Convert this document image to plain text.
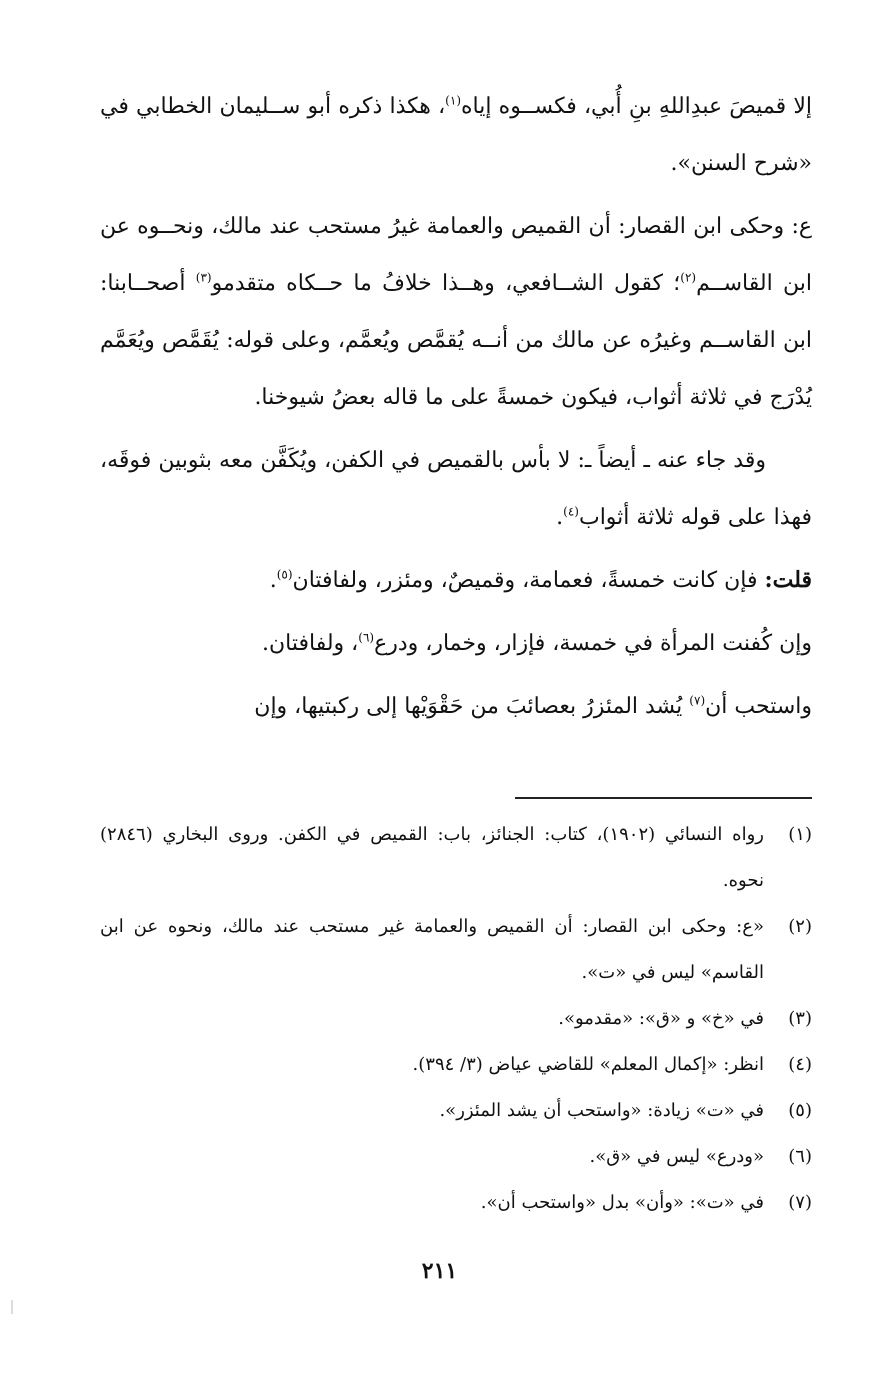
إلا قميصَ عبدِاللهِ بنِ أُبي، فكســوه إياه$^{(١)}$، هكذا ذكره أبو ســليمان الخطابي في «شرح السنن».

ع: وحكى ابن القصار: أن القميص والعمامة غيرُ مستحب عند مالك، ونحــوه عن ابن القاســم$^{(٢)}$؛ كقول الشــافعي، وهــذا خلافُ ما حــكاه متقدمو$^{(٣)}$ أصحــابنا: ابن القاســم وغيرُه عن مالك من أنــه يُقمَّص ويُعمَّم، وعلى قوله: يُقَمَّص ويُعَمَّم يُدْرَج في ثلاثة أثواب، فيكون خمسةً على ما قاله بعضُ شيوخنا.

وقد جاء عنه ـ أيضاً ـ: لا بأس بالقميص في الكفن، ويُكَفَّن معه بثوبين فوقَه، فهذا على قوله ثلاثة أثواب$^{(٤)}$.

قلت: فإن كانت خمسةً، فعمامة، وقميصٌ، ومئزر، ولفافتان$^{(٥)}$.

وإن كُفنت المرأة في خمسة، فإزار، وخمار، ودرع$^{(٦)}$، ولفافتان.

واستحب أن$^{(٧)}$ يُشد المئزرُ بعصائبَ من حَقْوَيْها إلى ركبتيها، وإن

(١)
رواه النسائي (١٩٠٢)، كتاب: الجنائز، باب: القميص في الكفن. وروى البخاري (٢٨٤٦) نحوه.
(٢)
«ع: وحكى ابن القصار: أن القميص والعمامة غير مستحب عند مالك، ونحوه عن ابن القاسم» ليس في «ت».
(٣)
في «خ» و «ق»: «مقدمو».
(٤)
انظر: «إكمال المعلم» للقاضي عياض (٣/ ٣٩٤).
(٥)
في «ت» زيادة: «واستحب أن يشد المئزر».
(٦)
«ودرع» ليس في «ق».
(٧)
في «ت»: «وأن» بدل «واستحب أن».
٢١١
